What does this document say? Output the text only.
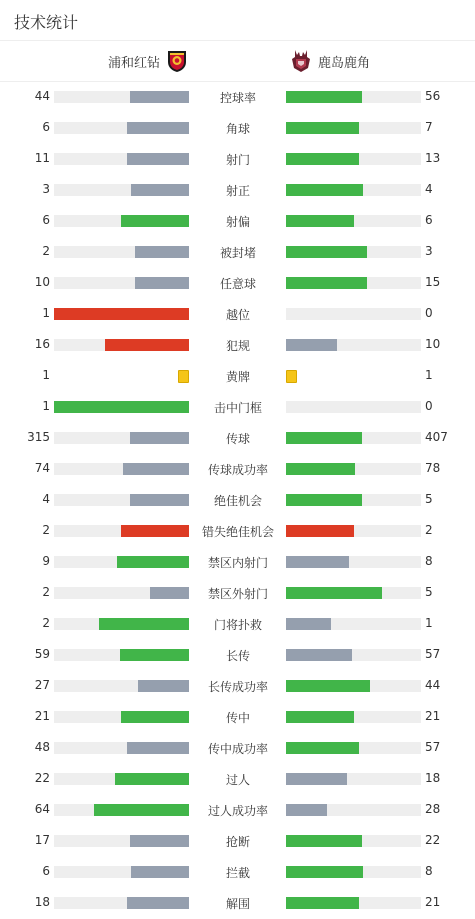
技术统计
浦和红钻	鹿岛鹿角
44	控球率	56
6	角球	7
11	射门	13
3	射正	4
6	射偏	6
2	被封堵	3
10	任意球	15
1	越位	0
16	犯规	10
1	黄牌	1
1	击中门框	0
315	传球	407
74	传球成功率	78
4	绝佳机会	5
2	错失绝佳机会	2
9	禁区内射门	8
2	禁区外射门	5
2	门将扑救	1
59	长传	57
27	长传成功率	44
21	传中	21
48	传中成功率	57
22	过人	18
64	过人成功率	28
17	抢断	22
6	拦截	8
18	解围	21
